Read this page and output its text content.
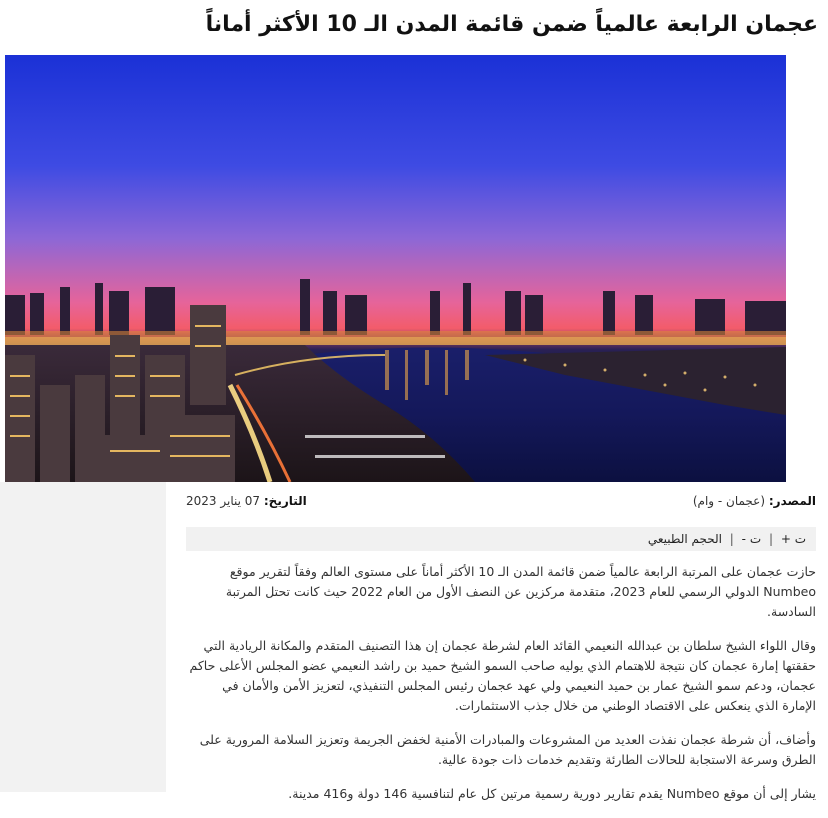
عجمان الرابعة عالمياً ضمن قائمة المدن الـ 10 الأكثر أماناً
المصدر: (عجمان - وام)
التاريخ: 07 يناير 2023
ت + | ت - | الحجم الطبيعي

حازت عجمان على المرتبة الرابعة عالمياً ضمن قائمة المدن الـ 10 الأكثر أماناً على مستوى العالم وفقاً لتقرير موقع Numbeo الدولي الرسمي للعام 2023، متقدمة مركزين عن النصف الأول من العام 2022 حيث كانت تحتل المرتبة السادسة.

وقال اللواء الشيخ سلطان بن عبدالله النعيمي القائد العام لشرطة عجمان إن هذا التصنيف المتقدم والمكانة الريادية التي حققتها إمارة عجمان كان نتيجة للاهتمام الذي يوليه صاحب السمو الشيخ حميد بن راشد النعيمي عضو المجلس الأعلى حاكم عجمان، ودعم سمو الشيخ عمار بن حميد النعيمي ولي عهد عجمان رئيس المجلس التنفيذي، لتعزيز الأمن والأمان في الإمارة الذي ينعكس على الاقتصاد الوطني من خلال جذب الاستثمارات.

وأضاف، أن شرطة عجمان نفذت العديد من المشروعات والمبادرات الأمنية لخفض الجريمة وتعزيز السلامة المرورية على الطرق وسرعة الاستجابة للحالات الطارئة وتقديم خدمات ذات جودة عالية.

يشار إلى أن موقع Numbeo يقدم تقارير دورية رسمية مرتين كل عام لتنافسية 146 دولة و416 مدينة.
